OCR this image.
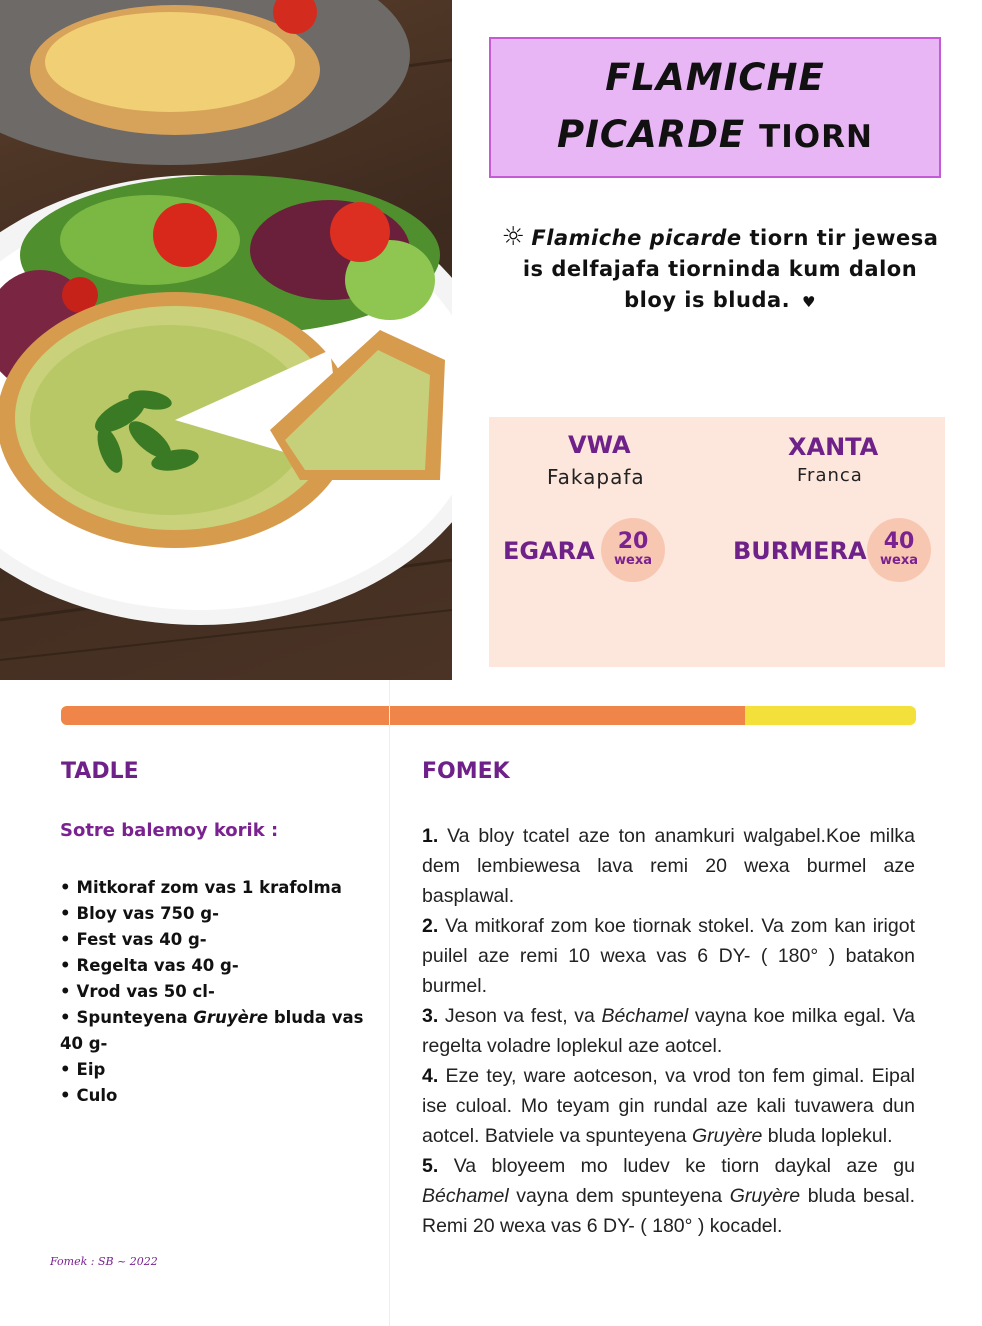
FLAMICHE
PICARDE TIORN
☼ Flamiche picarde tiorn tir jewesa is delfajafa tiorninda kum dalon bloy is bluda. ♥
VWA
Fakapafa
XANTA
Franca
EGARA	20
wexa	BURMERA 40
wexa
TADLE
Sotre balemoy korik :
• Mitkoraf zom vas 1 krafolma
• Bloy vas 750 g-
• Fest vas 40 g-
• Regelta vas 40 g-
• Vrod vas 50 cl-
• Spunteyena Gruyère bluda vas 40 g-
• Eip
• Culo
FOMEK

1. Va bloy tcatel aze ton anamkuri walgabel.Koe milka dem lembiewesa lava remi 20 wexa burmel aze basplawal.

2. Va mitkoraf zom koe tiornak stokel. Va zom kan irigot puilel aze remi 10 wexa vas 6 DY- ( 180° ) batakon burmel.

3. Jeson va fest, va Béchamel vayna koe milka egal. Va regelta voladre loplekul aze aotcel.

4. Eze tey, ware aotceson, va vrod ton fem gimal. Eipal ise culoal. Mo teyam gin rundal aze kali tuvawera dun aotcel. Batviele va spunteyena Gruyère bluda loplekul.

5. Va bloyeem mo ludev ke tiorn daykal aze gu Béchamel vayna dem spunteyena Gruyère bluda besal. Remi 20 wexa vas 6 DY- ( 180° ) kocadel.

Fomek : SB ~ 2022
